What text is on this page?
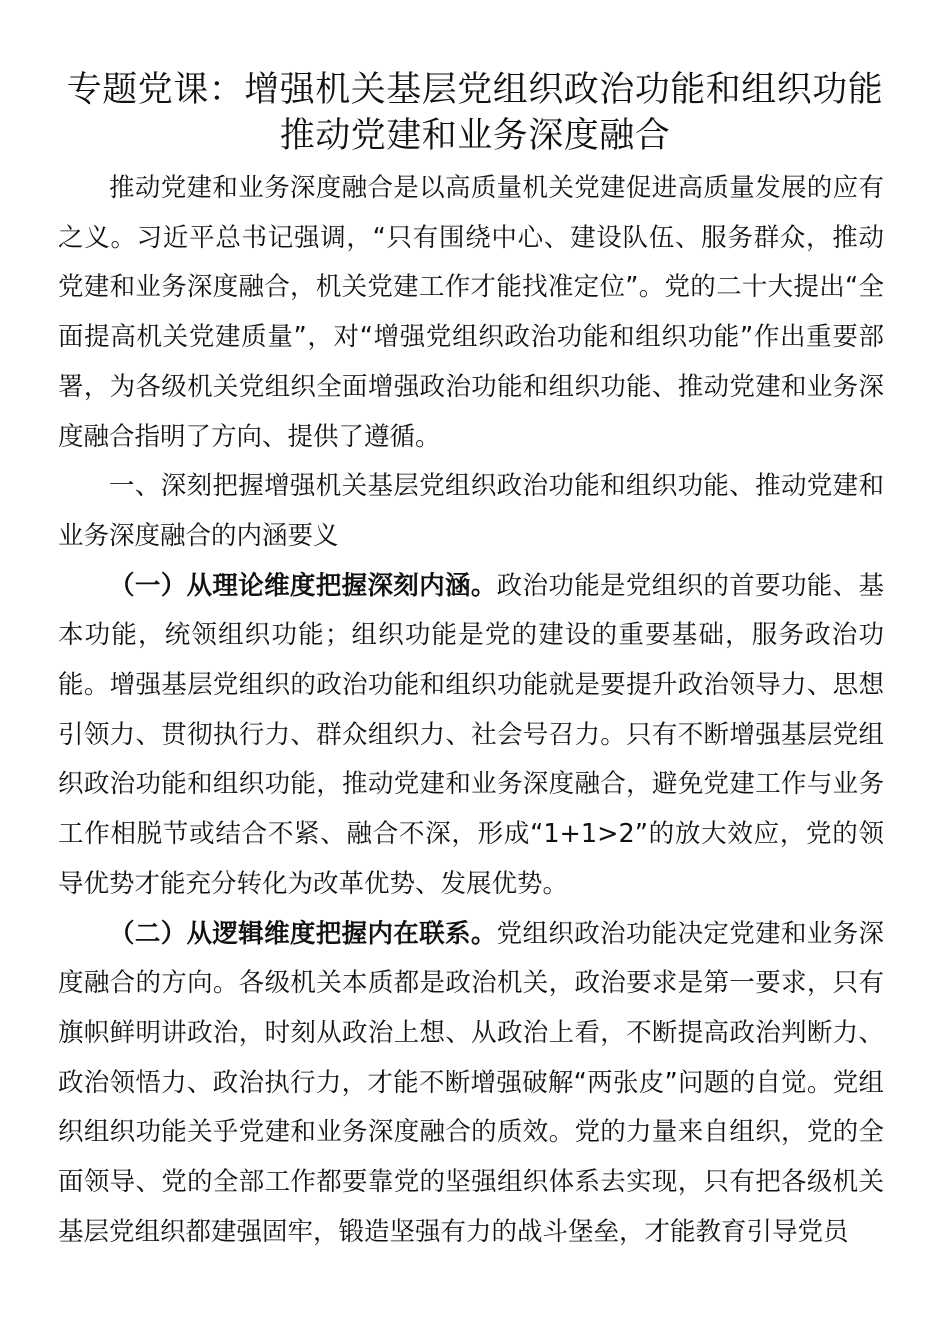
专题党课：增强机关基层党组织政治功能和组织功能
推动党建和业务深度融合

推动党建和业务深度融合是以高质量机关党建促进高质量发展的应有之义。习近平总书记强调，“只有围绕中心、建设队伍、服务群众，推动党建和业务深度融合，机关党建工作才能找准定位”。党的二十大提出“全面提高机关党建质量”，对“增强党组织政治功能和组织功能”作出重要部署，为各级机关党组织全面增强政治功能和组织功能、推动党建和业务深度融合指明了方向、提供了遵循。

一、深刻把握增强机关基层党组织政治功能和组织功能、推动党建和业务深度融合的内涵要义

（一）从理论维度把握深刻内涵。政治功能是党组织的首要功能、基本功能，统领组织功能；组织功能是党的建设的重要基础，服务政治功能。增强基层党组织的政治功能和组织功能就是要提升政治领导力、思想引领力、贯彻执行力、群众组织力、社会号召力。只有不断增强基层党组织政治功能和组织功能，推动党建和业务深度融合，避免党建工作与业务工作相脱节或结合不紧、融合不深，形成“1+1>2”的放大效应，党的领导优势才能充分转化为改革优势、发展优势。

（二）从逻辑维度把握内在联系。党组织政治功能决定党建和业务深度融合的方向。各级机关本质都是政治机关，政治要求是第一要求，只有旗帜鲜明讲政治，时刻从政治上想、从政治上看，不断提高政治判断力、政治领悟力、政治执行力，才能不断增强破解“两张皮”问题的自觉。党组织组织功能关乎党建和业务深度融合的质效。党的力量来自组织，党的全面领导、党的全部工作都要靠党的坚强组织体系去实现，只有把各级机关基层党组织都建强固牢，锻造坚强有力的战斗堡垒，才能教育引导党员
